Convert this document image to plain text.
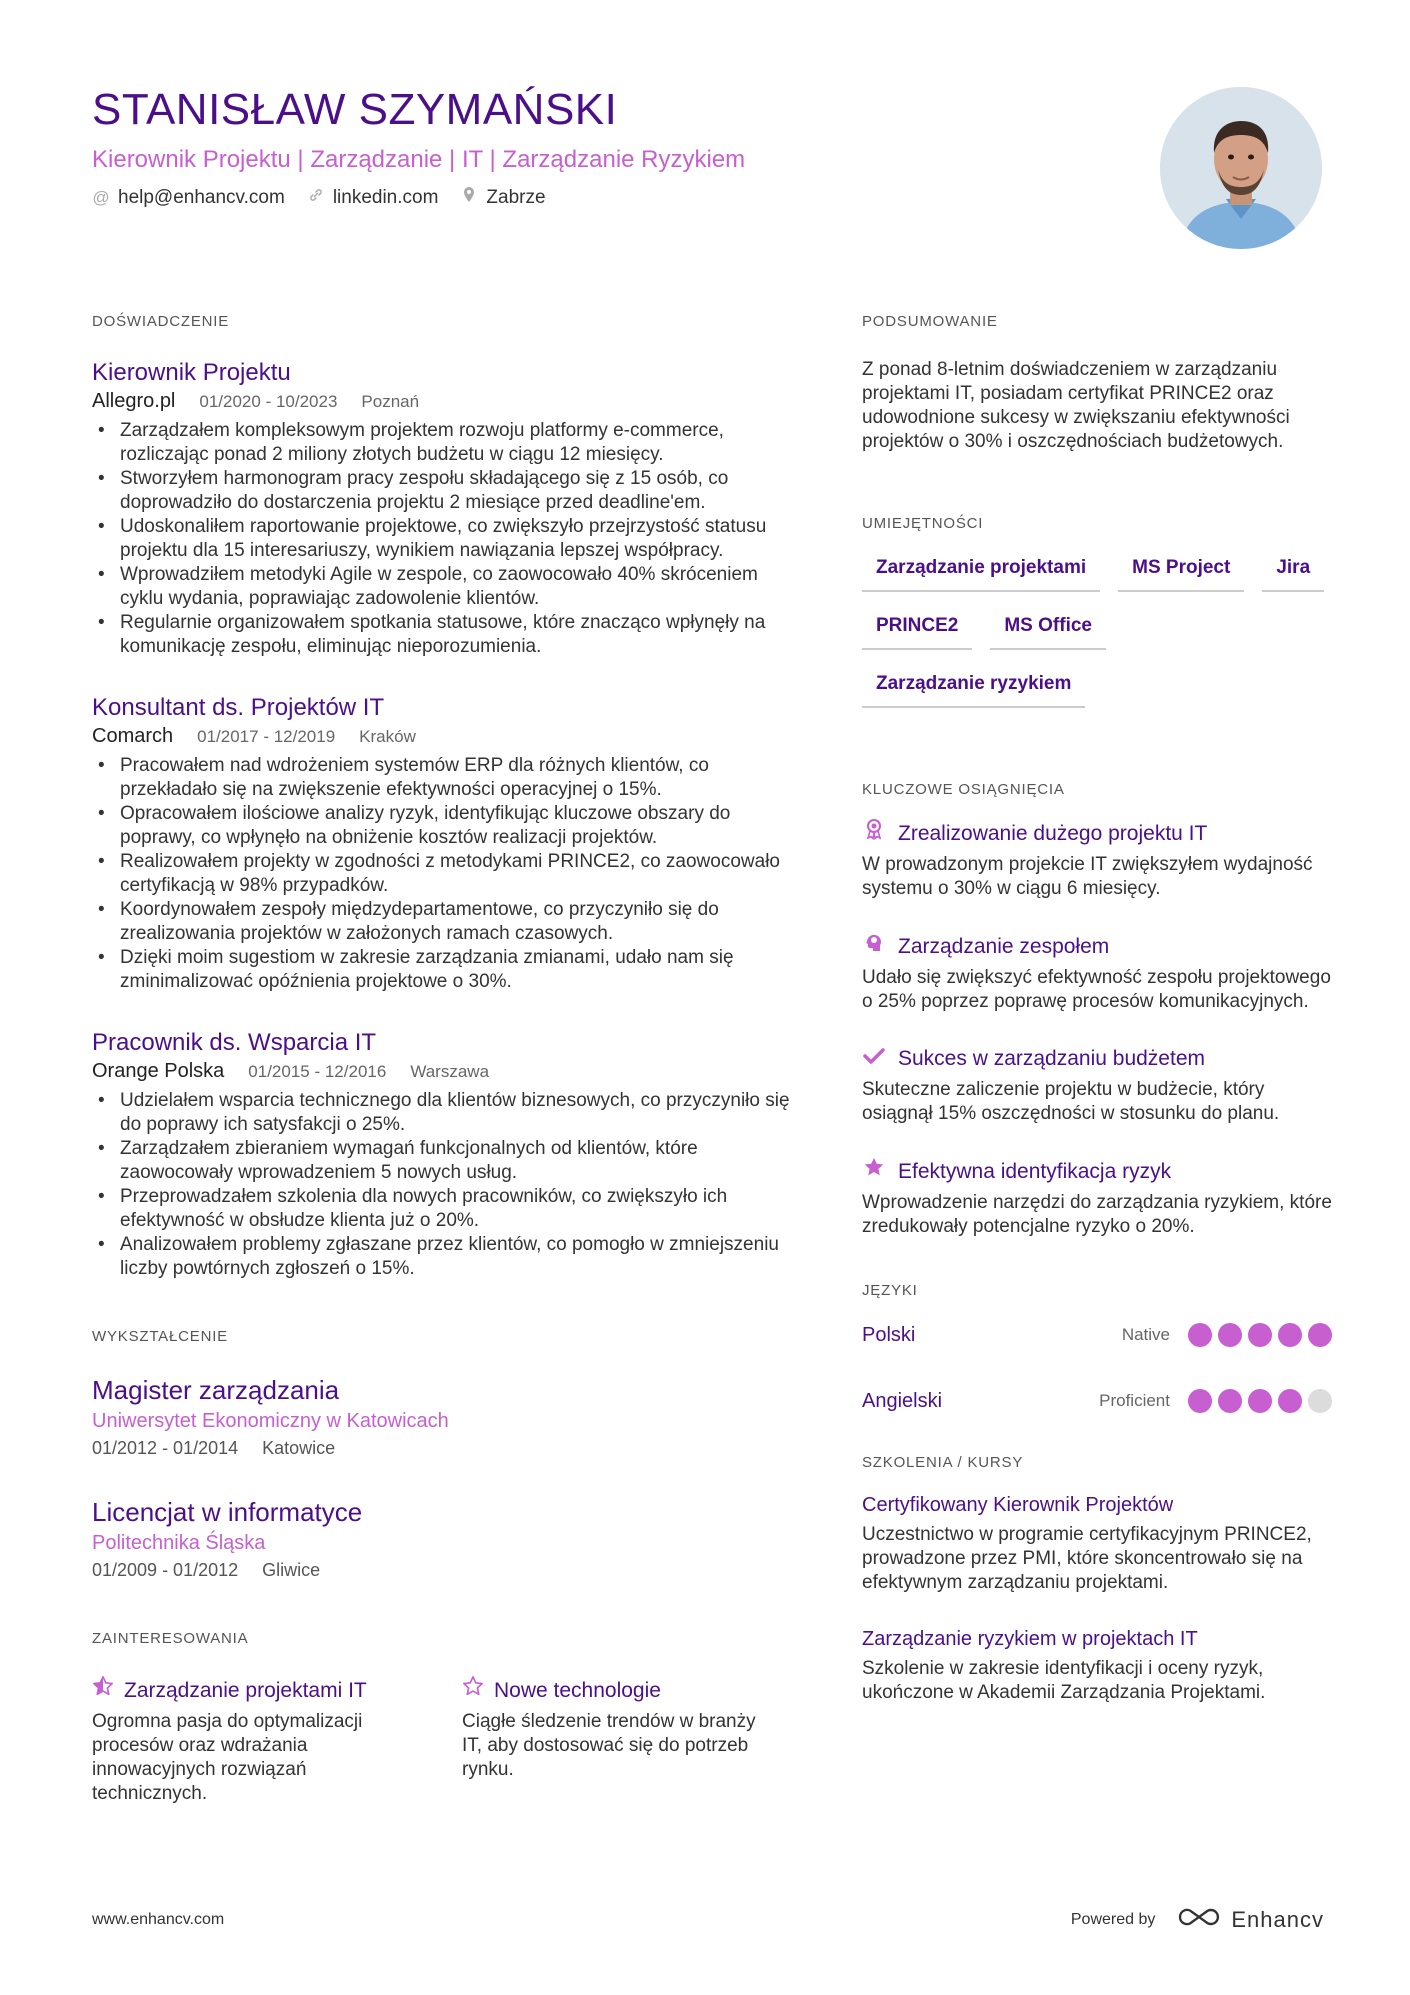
STANISŁAW SZYMAŃSKI
Kierownik Projektu | Zarządzanie | IT | Zarządzanie Ryzykiem
@ help@enhancv.com	linkedin.com	Zabrze
DOŚWIADCZENIE
Kierownik Projektu
Allegro.pl 01/2020 - 10/2023 Poznań
• Zarządzałem kompleksowym projektem rozwoju platformy e-commerce, rozliczając ponad 2 miliony złotych budżetu w ciągu 12 miesięcy.
• Stworzyłem harmonogram pracy zespołu składającego się z 15 osób, co doprowadziło do dostarczenia projektu 2 miesiące przed deadline'em.
• Udoskonaliłem raportowanie projektowe, co zwiększyło przejrzystość statusu projektu dla 15 interesariuszy, wynikiem nawiązania lepszej współpracy.
• Wprowadziłem metodyki Agile w zespole, co zaowocowało 40% skróceniem cyklu wydania, poprawiając zadowolenie klientów.
• Regularnie organizowałem spotkania statusowe, które znacząco wpłynęły na komunikację zespołu, eliminując nieporozumienia.
Konsultant ds. Projektów IT
Comarch 01/2017 - 12/2019 Kraków
• Pracowałem nad wdrożeniem systemów ERP dla różnych klientów, co przekładało się na zwiększenie efektywności operacyjnej o 15%.
• Opracowałem ilościowe analizy ryzyk, identyfikując kluczowe obszary do poprawy, co wpłynęło na obniżenie kosztów realizacji projektów.
• Realizowałem projekty w zgodności z metodykami PRINCE2, co zaowocowało certyfikacją w 98% przypadków.
• Koordynowałem zespoły międzydepartamentowe, co przyczyniło się do zrealizowania projektów w założonych ramach czasowych.
• Dzięki moim sugestiom w zakresie zarządzania zmianami, udało nam się zminimalizować opóźnienia projektowe o 30%.
Pracownik ds. Wsparcia IT
Orange Polska 01/2015 - 12/2016 Warszawa
• Udzielałem wsparcia technicznego dla klientów biznesowych, co przyczyniło się do poprawy ich satysfakcji o 25%.
• Zarządzałem zbieraniem wymagań funkcjonalnych od klientów, które zaowocowały wprowadzeniem 5 nowych usług.
• Przeprowadzałem szkolenia dla nowych pracowników, co zwiększyło ich efektywność w obsłudze klienta już o 20%.
• Analizowałem problemy zgłaszane przez klientów, co pomogło w zmniejszeniu liczby powtórnych zgłoszeń o 15%.
WYKSZTAŁCENIE
Magister zarządzania
Uniwersytet Ekonomiczny w Katowicach
01/2012 - 01/2014 Katowice
Licencjat w informatyce
Politechnika Śląska
01/2009 - 01/2012 Gliwice
ZAINTERESOWANIA
Zarządzanie projektami IT
Ogromna pasja do optymalizacji procesów oraz wdrażania innowacyjnych rozwiązań technicznych.
Nowe technologie
Ciągłe śledzenie trendów w branży IT, aby dostosować się do potrzeb rynku.
PODSUMOWANIE
Z ponad 8-letnim doświadczeniem w zarządzaniu projektami IT, posiadam certyfikat PRINCE2 oraz udowodnione sukcesy w zwiększaniu efektywności projektów o 30% i oszczędnościach budżetowych.
UMIEJĘTNOŚCI
Zarządzanie projektami	MS Project	Jira
PRINCE2	MS Office
Zarządzanie ryzykiem
KLUCZOWE OSIĄGNIĘCIA
Zrealizowanie dużego projektu IT
W prowadzonym projekcie IT zwiększyłem wydajność systemu o 30% w ciągu 6 miesięcy.
Zarządzanie zespołem
Udało się zwiększyć efektywność zespołu projektowego o 25% poprzez poprawę procesów komunikacyjnych.
Sukces w zarządzaniu budżetem
Skuteczne zaliczenie projektu w budżecie, który osiągnął 15% oszczędności w stosunku do planu.
Efektywna identyfikacja ryzyk
Wprowadzenie narzędzi do zarządzania ryzykiem, które zredukowały potencjalne ryzyko o 20%.
JĘZYKI
Polski	Native
Angielski	Proficient
SZKOLENIA / KURSY
Certyfikowany Kierownik Projektów
Uczestnictwo w programie certyfikacyjnym PRINCE2, prowadzone przez PMI, które skoncentrowało się na efektywnym zarządzaniu projektami.
Zarządzanie ryzykiem w projektach IT
Szkolenie w zakresie identyfikacji i oceny ryzyk, ukończone w Akademii Zarządzania Projektami.
www.enhancv.com	Powered by	Enhancv
